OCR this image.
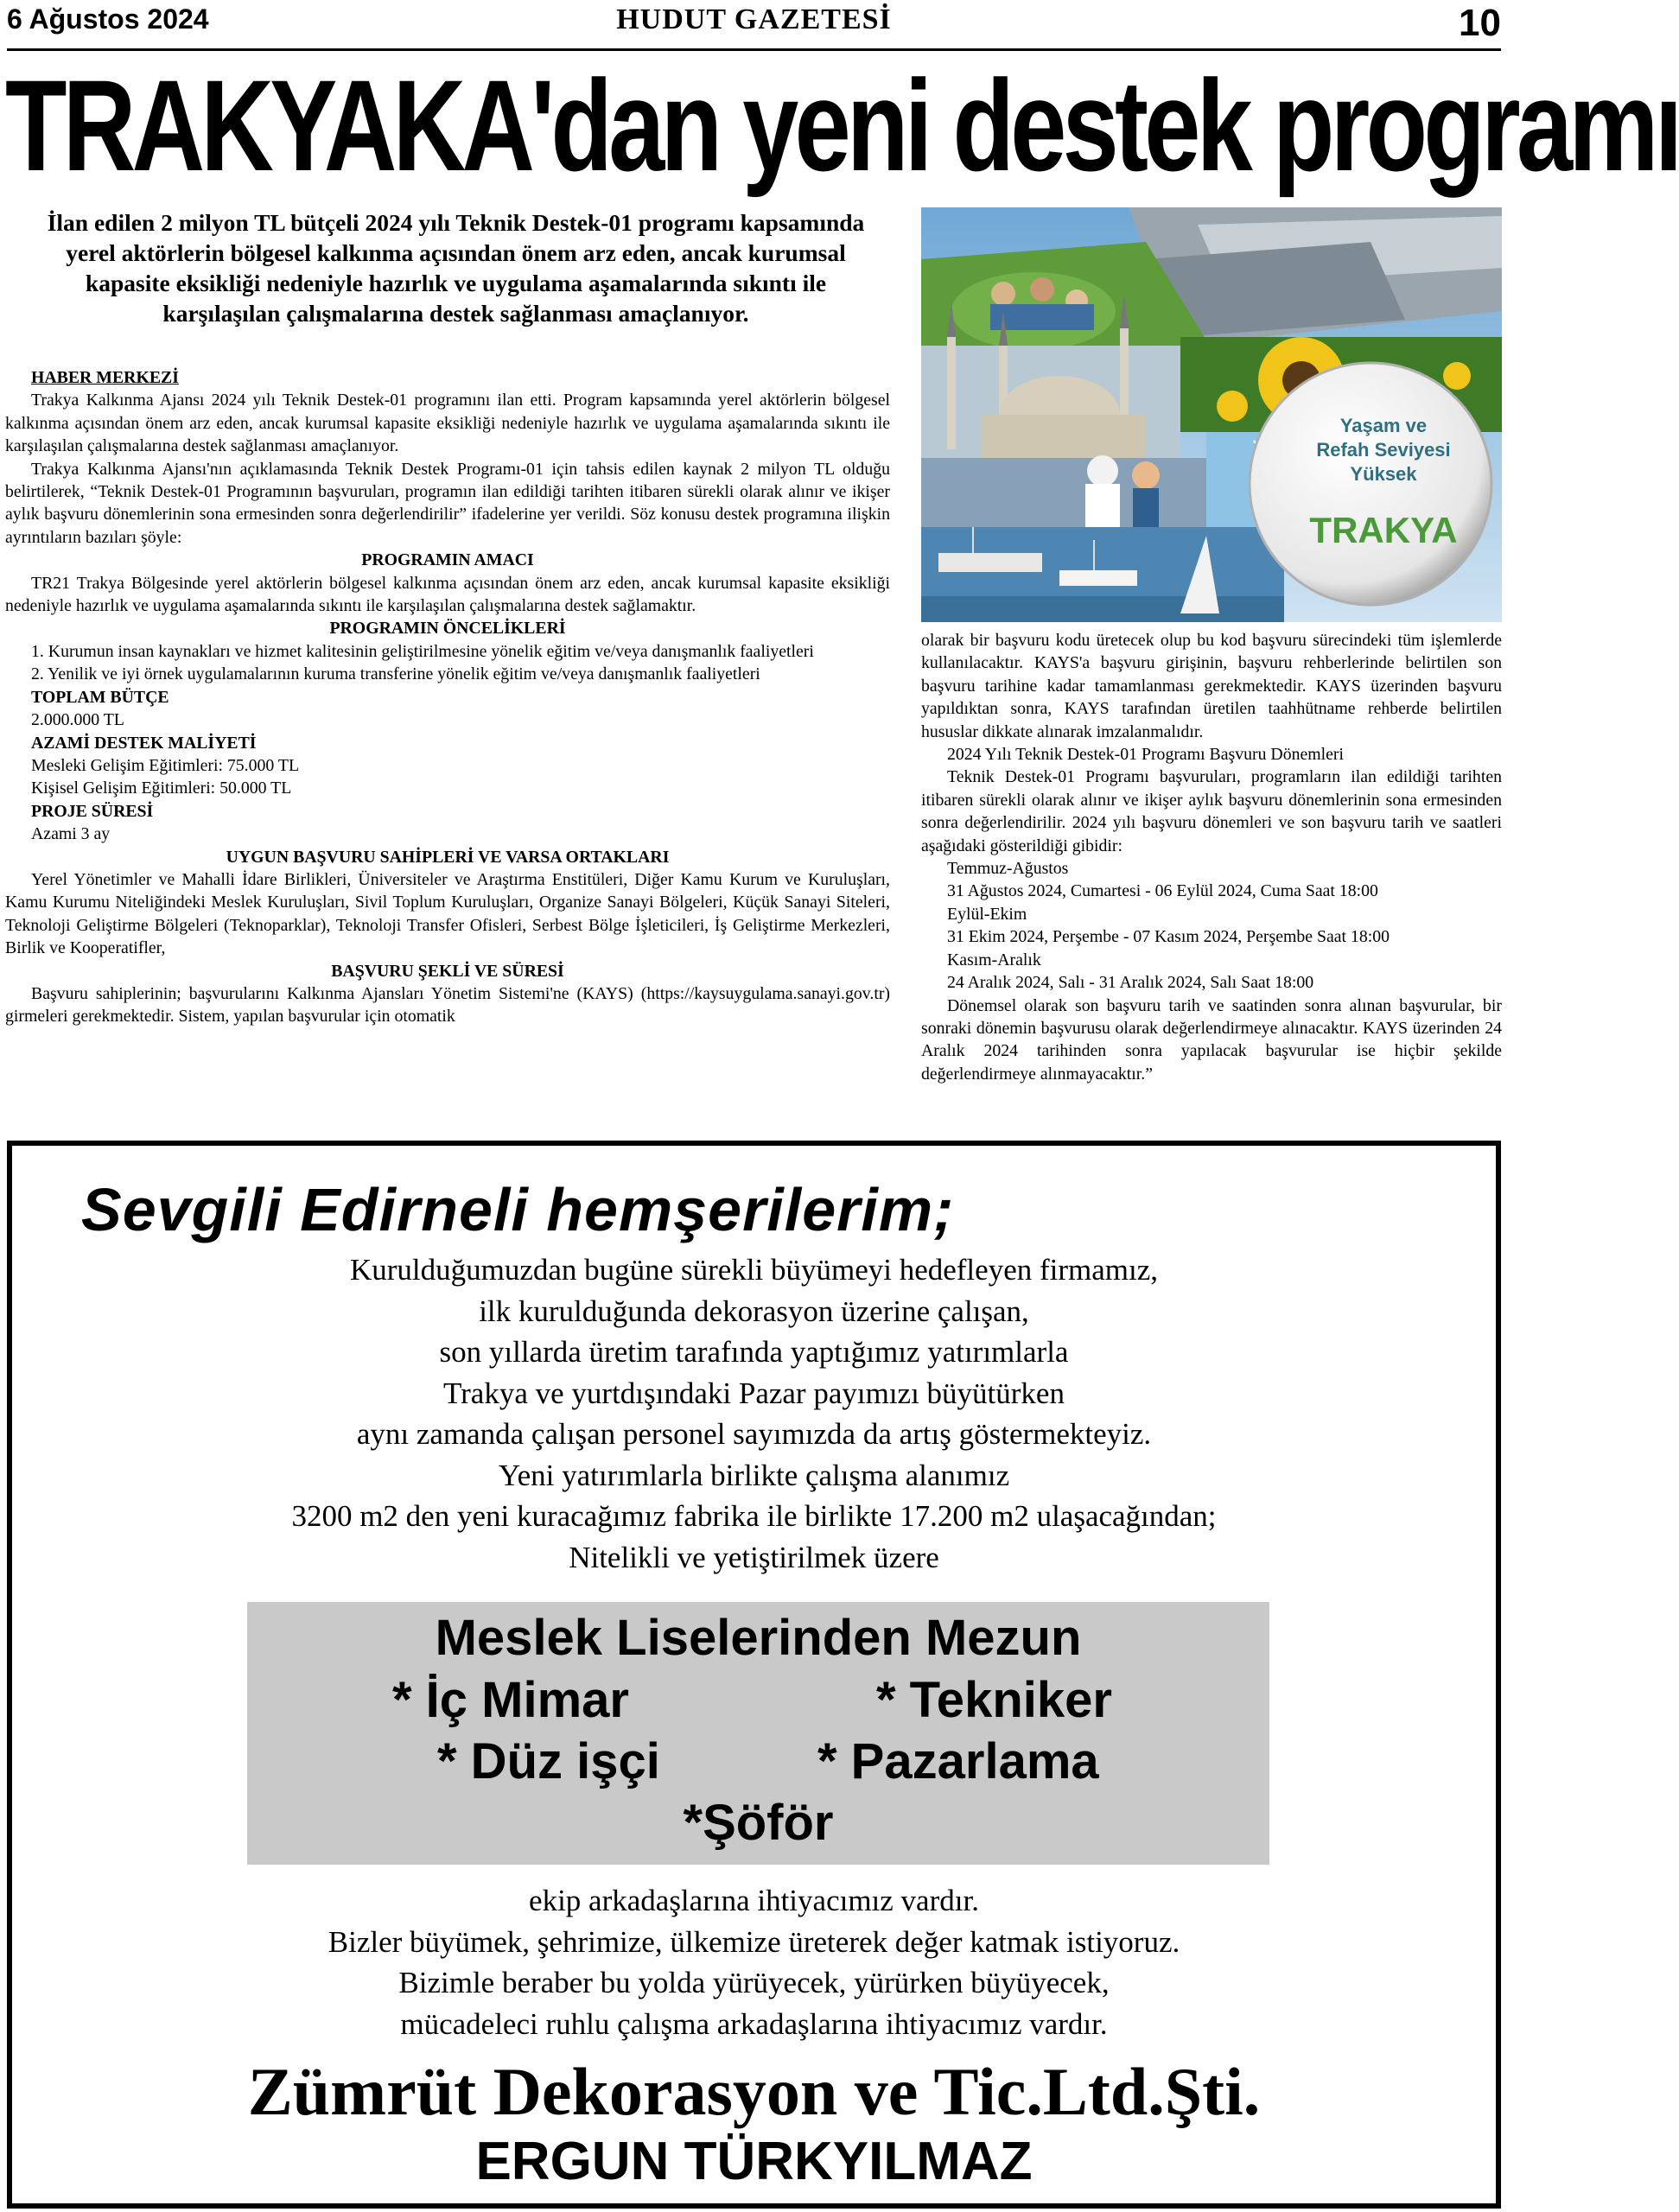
6 Ağustos 2024	HUDUT GAZETESİ	10
TRAKYAKA'dan yeni destek programı
İlan edilen 2 milyon TL bütçeli 2024 yılı Teknik Destek-01 programı kapsamında yerel aktörlerin bölgesel kalkınma açısından önem arz eden, ancak kurumsal kapasite eksikliği nedeniyle hazırlık ve uygulama aşamalarında sıkıntı ile karşılaşılan çalışmalarına destek sağlanması amaçlanıyor.

HABER MERKEZİ

Trakya Kalkınma Ajansı 2024 yılı Teknik Destek-01 programını ilan etti. Program kapsamında yerel aktörlerin bölgesel kalkınma açısından önem arz eden, ancak kurumsal kapasite eksikliği nedeniyle hazırlık ve uygulama aşamalarında sıkıntı ile karşılaşılan çalışmalarına destek sağlanması amaçlanıyor.

Trakya Kalkınma Ajansı'nın açıklamasında Teknik Destek Programı-01 için tahsis edilen kaynak 2 milyon TL olduğu belirtilerek, “Teknik Destek-01 Programının başvuruları, programın ilan edildiği tarihten itibaren sürekli olarak alınır ve ikişer aylık başvuru dönemlerinin sona ermesinden sonra değerlendirilir” ifadelerine yer verildi. Söz konusu destek programına ilişkin ayrıntıların bazıları şöyle:

PROGRAMIN AMACI

TR21 Trakya Bölgesinde yerel aktörlerin bölgesel kalkınma açısından önem arz eden, ancak kurumsal kapasite eksikliği nedeniyle hazırlık ve uygulama aşamalarında sıkıntı ile karşılaşılan çalışmalarına destek sağlamaktır.

PROGRAMIN ÖNCELİKLERİ

1. Kurumun insan kaynakları ve hizmet kalitesinin geliştirilmesine yönelik eğitim ve/veya danışmanlık faaliyetleri

2. Yenilik ve iyi örnek uygulamalarının kuruma transferine yönelik eğitim ve/veya danışmanlık faaliyetleri

TOPLAM BÜTÇE

2.000.000 TL

AZAMİ DESTEK MALİYETİ

Mesleki Gelişim Eğitimleri: 75.000 TL

Kişisel Gelişim Eğitimleri: 50.000 TL

PROJE SÜRESİ

Azami 3 ay

UYGUN BAŞVURU SAHİPLERİ VE VARSA ORTAKLARI

Yerel Yönetimler ve Mahalli İdare Birlikleri, Üniversiteler ve Araştırma Enstitüleri, Diğer Kamu Kurum ve Kuruluşları, Kamu Kurumu Niteliğindeki Meslek Kuruluşları, Sivil Toplum Kuruluşları, Organize Sanayi Bölgeleri, Küçük Sanayi Siteleri, Teknoloji Geliştirme Bölgeleri (Teknoparklar), Teknoloji Transfer Ofisleri, Serbest Bölge İşleticileri, İş Geliştirme Merkezleri, Birlik ve Kooperatifler,

BAŞVURU ŞEKLİ VE SÜRESİ

Başvuru sahiplerinin; başvurularını Kalkınma Ajansları Yönetim Sistemi'ne (KAYS) (https://kaysuygulama.sanayi.gov.tr) girmeleri gerekmektedir. Sistem, yapılan başvurular için otomatik

Yaşam ve
Refah Seviyesi
Yüksek
TRAKYA

olarak bir başvuru kodu üretecek olup bu kod başvuru sürecindeki tüm işlemlerde kullanılacaktır. KAYS'a başvuru girişinin, başvuru rehberlerinde belirtilen son başvuru tarihine kadar tamamlanması gerekmektedir. KAYS üzerinden başvuru yapıldıktan sonra, KAYS tarafından üretilen taahhütname rehberde belirtilen hususlar dikkate alınarak imzalanmalıdır.

2024 Yılı Teknik Destek-01 Programı Başvuru Dönemleri

Teknik Destek-01 Programı başvuruları, programların ilan edildiği tarihten itibaren sürekli olarak alınır ve ikişer aylık başvuru dönemlerinin sona ermesinden sonra değerlendirilir. 2024 yılı başvuru dönemleri ve son başvuru tarih ve saatleri aşağıdaki gösterildiği gibidir:

Temmuz-Ağustos

31 Ağustos 2024, Cumartesi - 06 Eylül 2024, Cuma Saat 18:00

Eylül-Ekim

31 Ekim 2024, Perşembe - 07 Kasım 2024, Perşembe Saat 18:00

Kasım-Aralık

24 Aralık 2024, Salı - 31 Aralık 2024, Salı Saat 18:00

Dönemsel olarak son başvuru tarih ve saatinden sonra alınan başvurular, bir sonraki dönemin başvurusu olarak değerlendirmeye alınacaktır. KAYS üzerinden 24 Aralık 2024 tarihinden sonra yapılacak başvurular ise hiçbir şekilde değerlendirmeye alınmayacaktır.”

Sevgili Edirneli hemşerilerim;
Kurulduğumuzdan bugüne sürekli büyümeyi hedefleyen firmamız,
ilk kurulduğunda dekorasyon üzerine çalışan,
son yıllarda üretim tarafında yaptığımız yatırımlarla
Trakya ve yurtdışındaki Pazar payımızı büyütürken
aynı zamanda çalışan personel sayımızda da artış göstermekteyiz.
Yeni yatırımlarla birlikte çalışma alanımız
3200 m2 den yeni kuracağımız fabrika ile birlikte 17.200 m2 ulaşacağından;
Nitelikli ve yetiştirilmek üzere
Meslek Liselerinden Mezun
* İç Mimar	* Tekniker
* Düz işçi	* Pazarlama
*Şöför
ekip arkadaşlarına ihtiyacımız vardır.
Bizler büyümek, şehrimize, ülkemize üreterek değer katmak istiyoruz.
Bizimle beraber bu yolda yürüyecek, yürürken büyüyecek,
mücadeleci ruhlu çalışma arkadaşlarına ihtiyacımız vardır.
Zümrüt Dekorasyon ve Tic.Ltd.Şti.
ERGUN TÜRKYILMAZ
